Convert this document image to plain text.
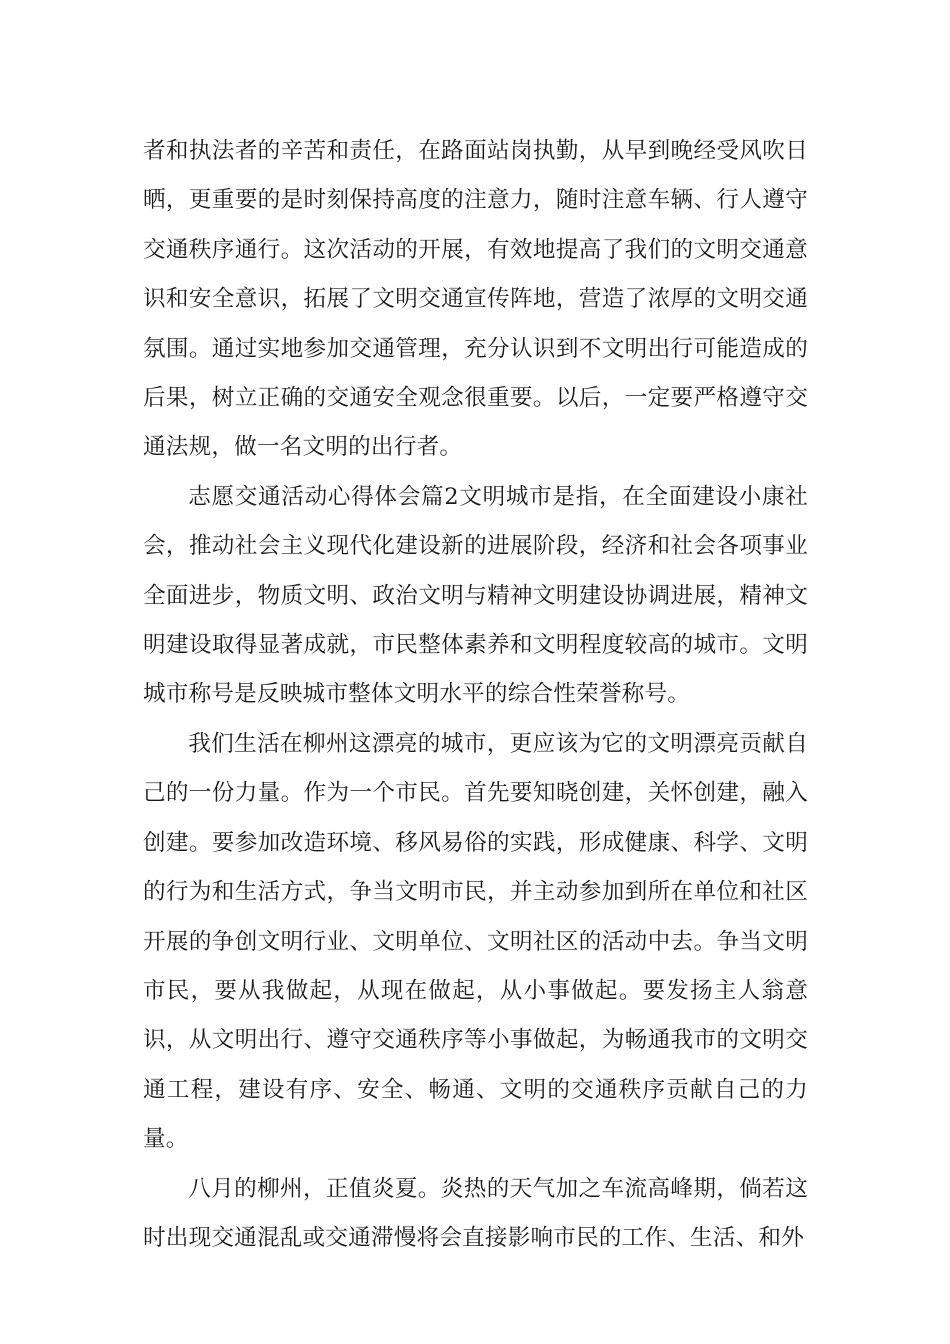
者和执法者的辛苦和责任，在路面站岗执勤，从早到晚经受风吹日晒，更重要的是时刻保持高度的注意力，随时注意车辆、行人遵守交通秩序通行。这次活动的开展，有效地提高了我们的文明交通意识和安全意识，拓展了文明交通宣传阵地，营造了浓厚的文明交通氛围。通过实地参加交通管理，充分认识到不文明出行可能造成的后果，树立正确的交通安全观念很重要。以后，一定要严格遵守交通法规，做一名文明的出行者。

志愿交通活动心得体会篇2文明城市是指，在全面建设小康社会，推动社会主义现代化建设新的进展阶段，经济和社会各项事业全面进步，物质文明、政治文明与精神文明建设协调进展，精神文明建设取得显著成就，市民整体素养和文明程度较高的城市。文明城市称号是反映城市整体文明水平的综合性荣誉称号。

我们生活在柳州这漂亮的城市，更应该为它的文明漂亮贡献自己的一份力量。作为一个市民。首先要知晓创建，关怀创建，融入创建。要参加改造环境、移风易俗的实践，形成健康、科学、文明的行为和生活方式，争当文明市民，并主动参加到所在单位和社区开展的争创文明行业、文明单位、文明社区的活动中去。争当文明市民，要从我做起，从现在做起，从小事做起。要发扬主人翁意识，从文明出行、遵守交通秩序等小事做起，为畅通我市的文明交通工程，建设有序、安全、畅通、文明的交通秩序贡献自己的力量。

八月的柳州，正值炎夏。炎热的天气加之车流高峰期，倘若这时出现交通混乱或交通滞慢将会直接影响市民的工作、生活、和外
